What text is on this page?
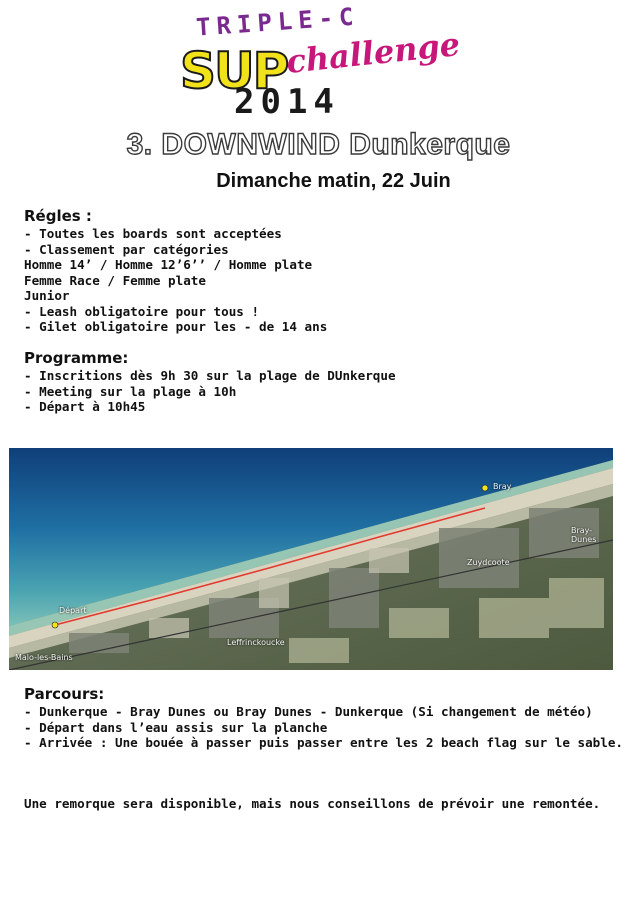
TRIPLE-C
SUP
challenge
2014
3. DOWNWIND Dunkerque
Dimanche matin, 22 Juin
Régles :
- Toutes les boards sont acceptées
- Classement par catégories
Homme 14’ / Homme 12’6’’ / Homme plate
Femme Race / Femme plate
Junior
- Leash obligatoire pour tous !
- Gilet obligatoire pour les - de 14 ans
Programme:
- Inscritions dès 9h 30 sur la plage de DUnkerque
- Meeting sur la plage à 10h
- Départ à 10h45
Départ
Bray
Bray-Dunes
Zuydcoote
Leffrinckoucke
Malo-les-Bains
Parcours:
- Dunkerque - Bray Dunes ou Bray Dunes - Dunkerque (Si changement de météo)
- Départ dans l’eau assis sur la planche
- Arrivée : Une bouée à passer puis passer entre les 2 beach flag sur le sable.
Une remorque sera disponible, mais nous conseillons de prévoir une remontée.
